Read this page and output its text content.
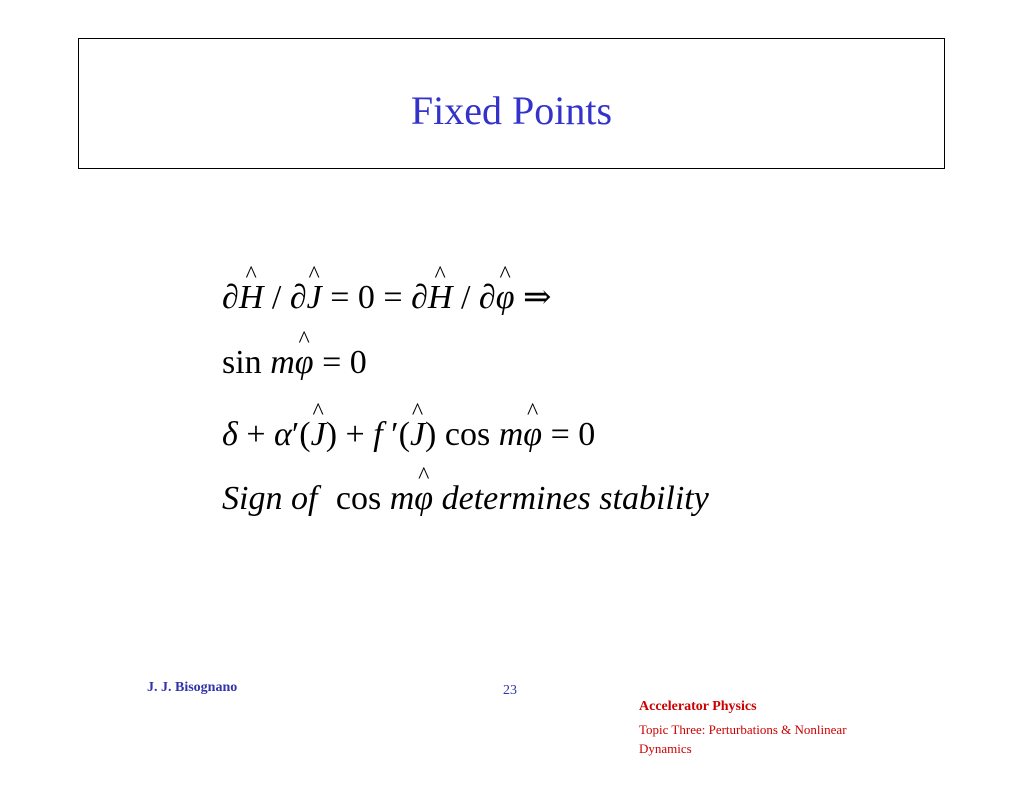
Fixed Points
∂^ H / ∂^ J = 0 = ∂^ H / ∂^ φ ⇒
sin m^ φ = 0
δ + α′(^ J) + f ′(^ J) cos m^ φ = 0
Sign of cos m^ φ determines stability
J. J. Bisognano	23
Accelerator Physics
Topic Three: Perturbations & Nonlinear Dynamics
